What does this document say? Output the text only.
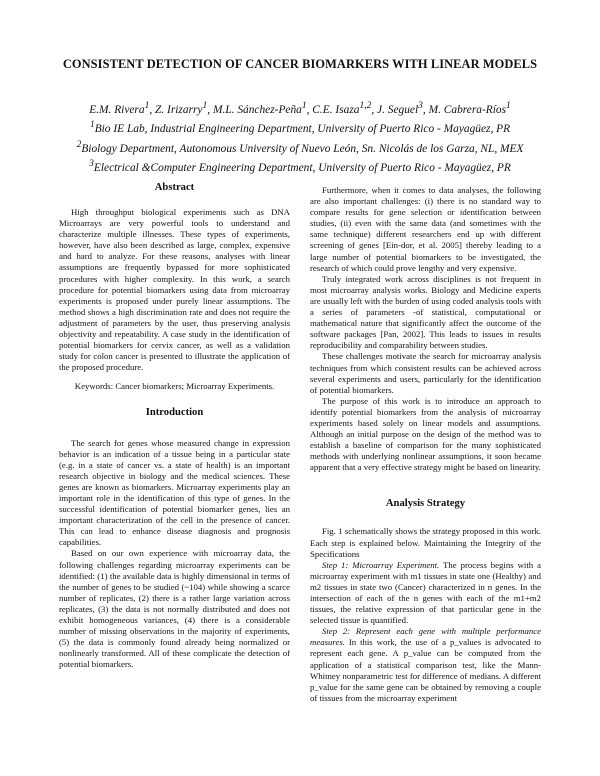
CONSISTENT DETECTION OF CANCER BIOMARKERS WITH LINEAR MODELS
E.M. Rivera$^1$, Z. Irizarry$^1$, M.L. Sánchez-Peña$^1$, C.E. Isaza$^{1,2}$, J. Seguel$^3$, M. Cabrera-Ríos$^1$
$^1$Bio IE Lab, Industrial Engineering Department, University of Puerto Rico - Mayagüez, PR
$^2$Biology Department, Autonomous University of Nuevo León, Sn. Nicolás de los Garza, NL, MEX
$^3$Electrical &Computer Engineering Department, University of Puerto Rico - Mayagüez, PR
Abstract

High throughput biological experiments such as DNA Microarrays are very powerful tools to understand and characterize multiple illnesses. These types of experiments, however, have also been described as large, complex, expensive and hard to analyze. For these reasons, analyses with linear assumptions are frequently bypassed for more sophisticated procedures with higher complexity. In this work, a search procedure for potential biomarkers using data from microarray experiments is proposed under purely linear assumptions. The method shows a high discrimination rate and does not require the adjustment of parameters by the user, thus preserving analysis objectivity and repeatability. A case study in the identification of potential biomarkers for cervix cancer, as well as a validation study for colon cancer is presented to illustrate the application of the proposed procedure.

Keywords: Cancer biomarkers; Microarray Experiments.

Introduction

The search for genes whose measured change in expression behavior is an indication of a tissue being in a particular state (e.g. in a state of cancer vs. a state of health) is an important research objective in biology and the medical sciences. These genes are known as biomarkers. Microarray experiments play an important role in the identification of this type of genes. In the successful identification of potential biomarker genes, lies an important characterization of the cell in the presence of cancer. This can lead to enhance disease diagnosis and prognosis capabilities.

Based on our own experience with microarray data, the following challenges regarding microarray experiments can be identified: (1) the available data is highly dimensional in terms of the number of genes to be studied (~104) while showing a scarce number of replicates, (2) there is a rather large variation across replicates, (3) the data is not normally distributed and does not exhibit homogeneous variances, (4) there is a considerable number of missing observations in the majority of experiments, (5) the data is commonly found already being normalized or nonlinearly transformed. All of these complicate the detection of potential biomarkers.

Furthermore, when it comes to data analyses, the following are also important challenges: (i) there is no standard way to compare results for gene selection or identification between studies, (ii) even with the same data (and sometimes with the same technique) different researchers end up with different screening of genes [Ein-dor, et al. 2005] thereby leading to a large number of potential biomarkers to be investigated, the research of which could prove lengthy and very expensive.

Truly integrated work across disciplines is not frequent in most microarray analysis works. Biology and Medicine experts are usually left with the burden of using coded analysis tools with a series of parameters -of statistical, computational or mathematical nature that significantly affect the outcome of the software packages [Pan, 2002]. This leads to issues in results reproducibility and comparability between studies.

These challenges motivate the search for microarray analysis techniques from which consistent results can be achieved across several experiments and users, particularly for the identification of potential biomarkers.

The purpose of this work is to introduce an approach to identify potential biomarkers from the analysis of microarray experiments based solely on linear models and assumptions. Although an initial purpose on the design of the method was to establish a baseline of comparison for the many sophisticated methods with underlying nonlinear assumptions, it soon became apparent that a very effective strategy might be based on linearity.

Analysis Strategy

Fig. 1 schematically shows the strategy proposed in this work. Each step is explained below. Maintaining the Integrity of the Specifications

Step 1: Microarray Experiment. The process begins with a microarray experiment with m1 tissues in state one (Healthy) and m2 tissues in state two (Cancer) characterized in n genes. In the intersection of each of the n genes with each of the m1+m2 tissues, the relative expression of that particular gene in the selected tissue is quantified.

Step 2: Represent each gene with multiple performance measures. In this work, the use of a p_values is advocated to represent each gene. A p_value can be computed from the application of a statistical comparison test, like the Mann-Whitney nonparametric test for difference of medians. A different p_value for the same gene can be obtained by removing a couple of tissues from the microarray experiment
